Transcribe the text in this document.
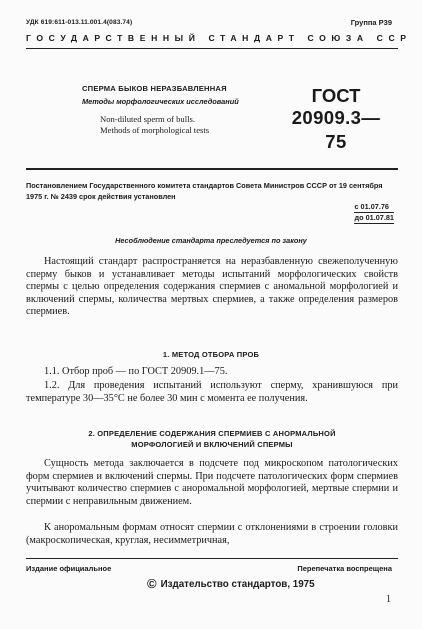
УДК 619:611-013.11.001.4(083.74)	Группа Р39
ГОСУДАРСТВЕННЫЙ СТАНДАРТ СОЮЗА ССР
СПЕРМА БЫКОВ НЕРАЗБАВЛЕННАЯ
Методы морфологических исследований
Non-diluted sperm of bulls.
Methods of morphological tests
ГОСТ
20909.3—75
Постановлением Государственного комитета стандартов Совета Министров СССР от 19 сентября 1975 г. № 2439 срок действия установлен
с 01.07.76
до 01.07.81
Несоблюдение стандарта преследуется по закону
Настоящий стандарт распространяется на неразбавленную свежеполученную сперму быков и устанавливает методы испытаний морфологических свойств спермы с целью определения содержания спермиев с аномальной морфологией и включений спермы, количества мертвых спермиев, а также определения размеров спермиев.
1. МЕТОД ОТБОРА ПРОБ
1.1. Отбор проб — по ГОСТ 20909.1—75.
1.2. Для проведения испытаний используют сперму, хранившуюся при температуре 30—35°С не более 30 мин с момента ее получения.
2. ОПРЕДЕЛЕНИЕ СОДЕРЖАНИЯ СПЕРМИЕВ С АНОРМАЛЬНОЙ
МОРФОЛОГИЕЙ И ВКЛЮЧЕНИЙ СПЕРМЫ
Сущность метода заключается в подсчете под микроскопом патологических форм спермиев и включений спермы. При подсчете патологических форм спермиев учитывают количество спермиев с аноромальной морфологией, мертвые спермии и спермии с неправильным движением.
К аноромальным формам относят спермии с отклонениями в строении головки (макроскопическая, круглая, несимметричная,
Издание официальное	Перепечатка воспрещена
© Издательство стандартов, 1975
1
